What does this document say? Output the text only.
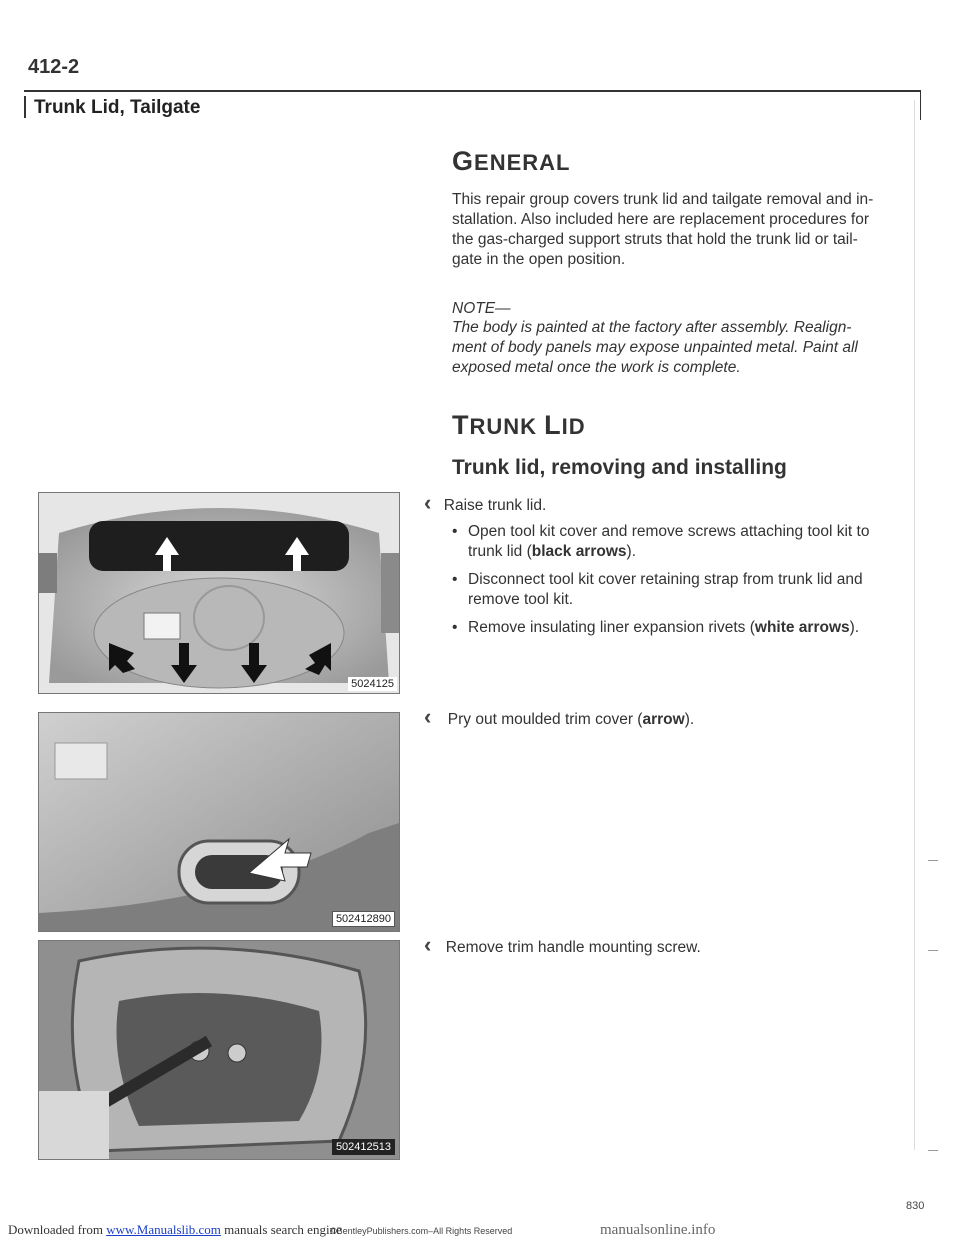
412-2
Trunk Lid, Tailgate
GENERAL
This repair group covers trunk lid and tailgate removal and in-
stallation. Also included here are replacement procedures for
the gas-charged support struts that hold the trunk lid or tail-
gate in the open position.
NOTE—
The body is painted at the factory after assembly. Realign-
ment of body panels may expose unpainted metal. Paint all
exposed metal once the work is complete.
TRUNK LID
Trunk lid, removing and installing
‹ Raise trunk lid.
• Open tool kit cover and remove screws attaching tool kit to trunk lid (black arrows).
• Disconnect tool kit cover retaining strap from trunk lid and remove tool kit.
• Remove insulating liner expansion rivets (white arrows).
‹ Pry out moulded trim cover (arrow).
‹ Remove trim handle mounting screw.
5024125
502412890
502412513
830
Downloaded from www.Manualslib.com manuals search engine
©BentleyPublishers.com–All Rights Reserved	manualsonline.info
